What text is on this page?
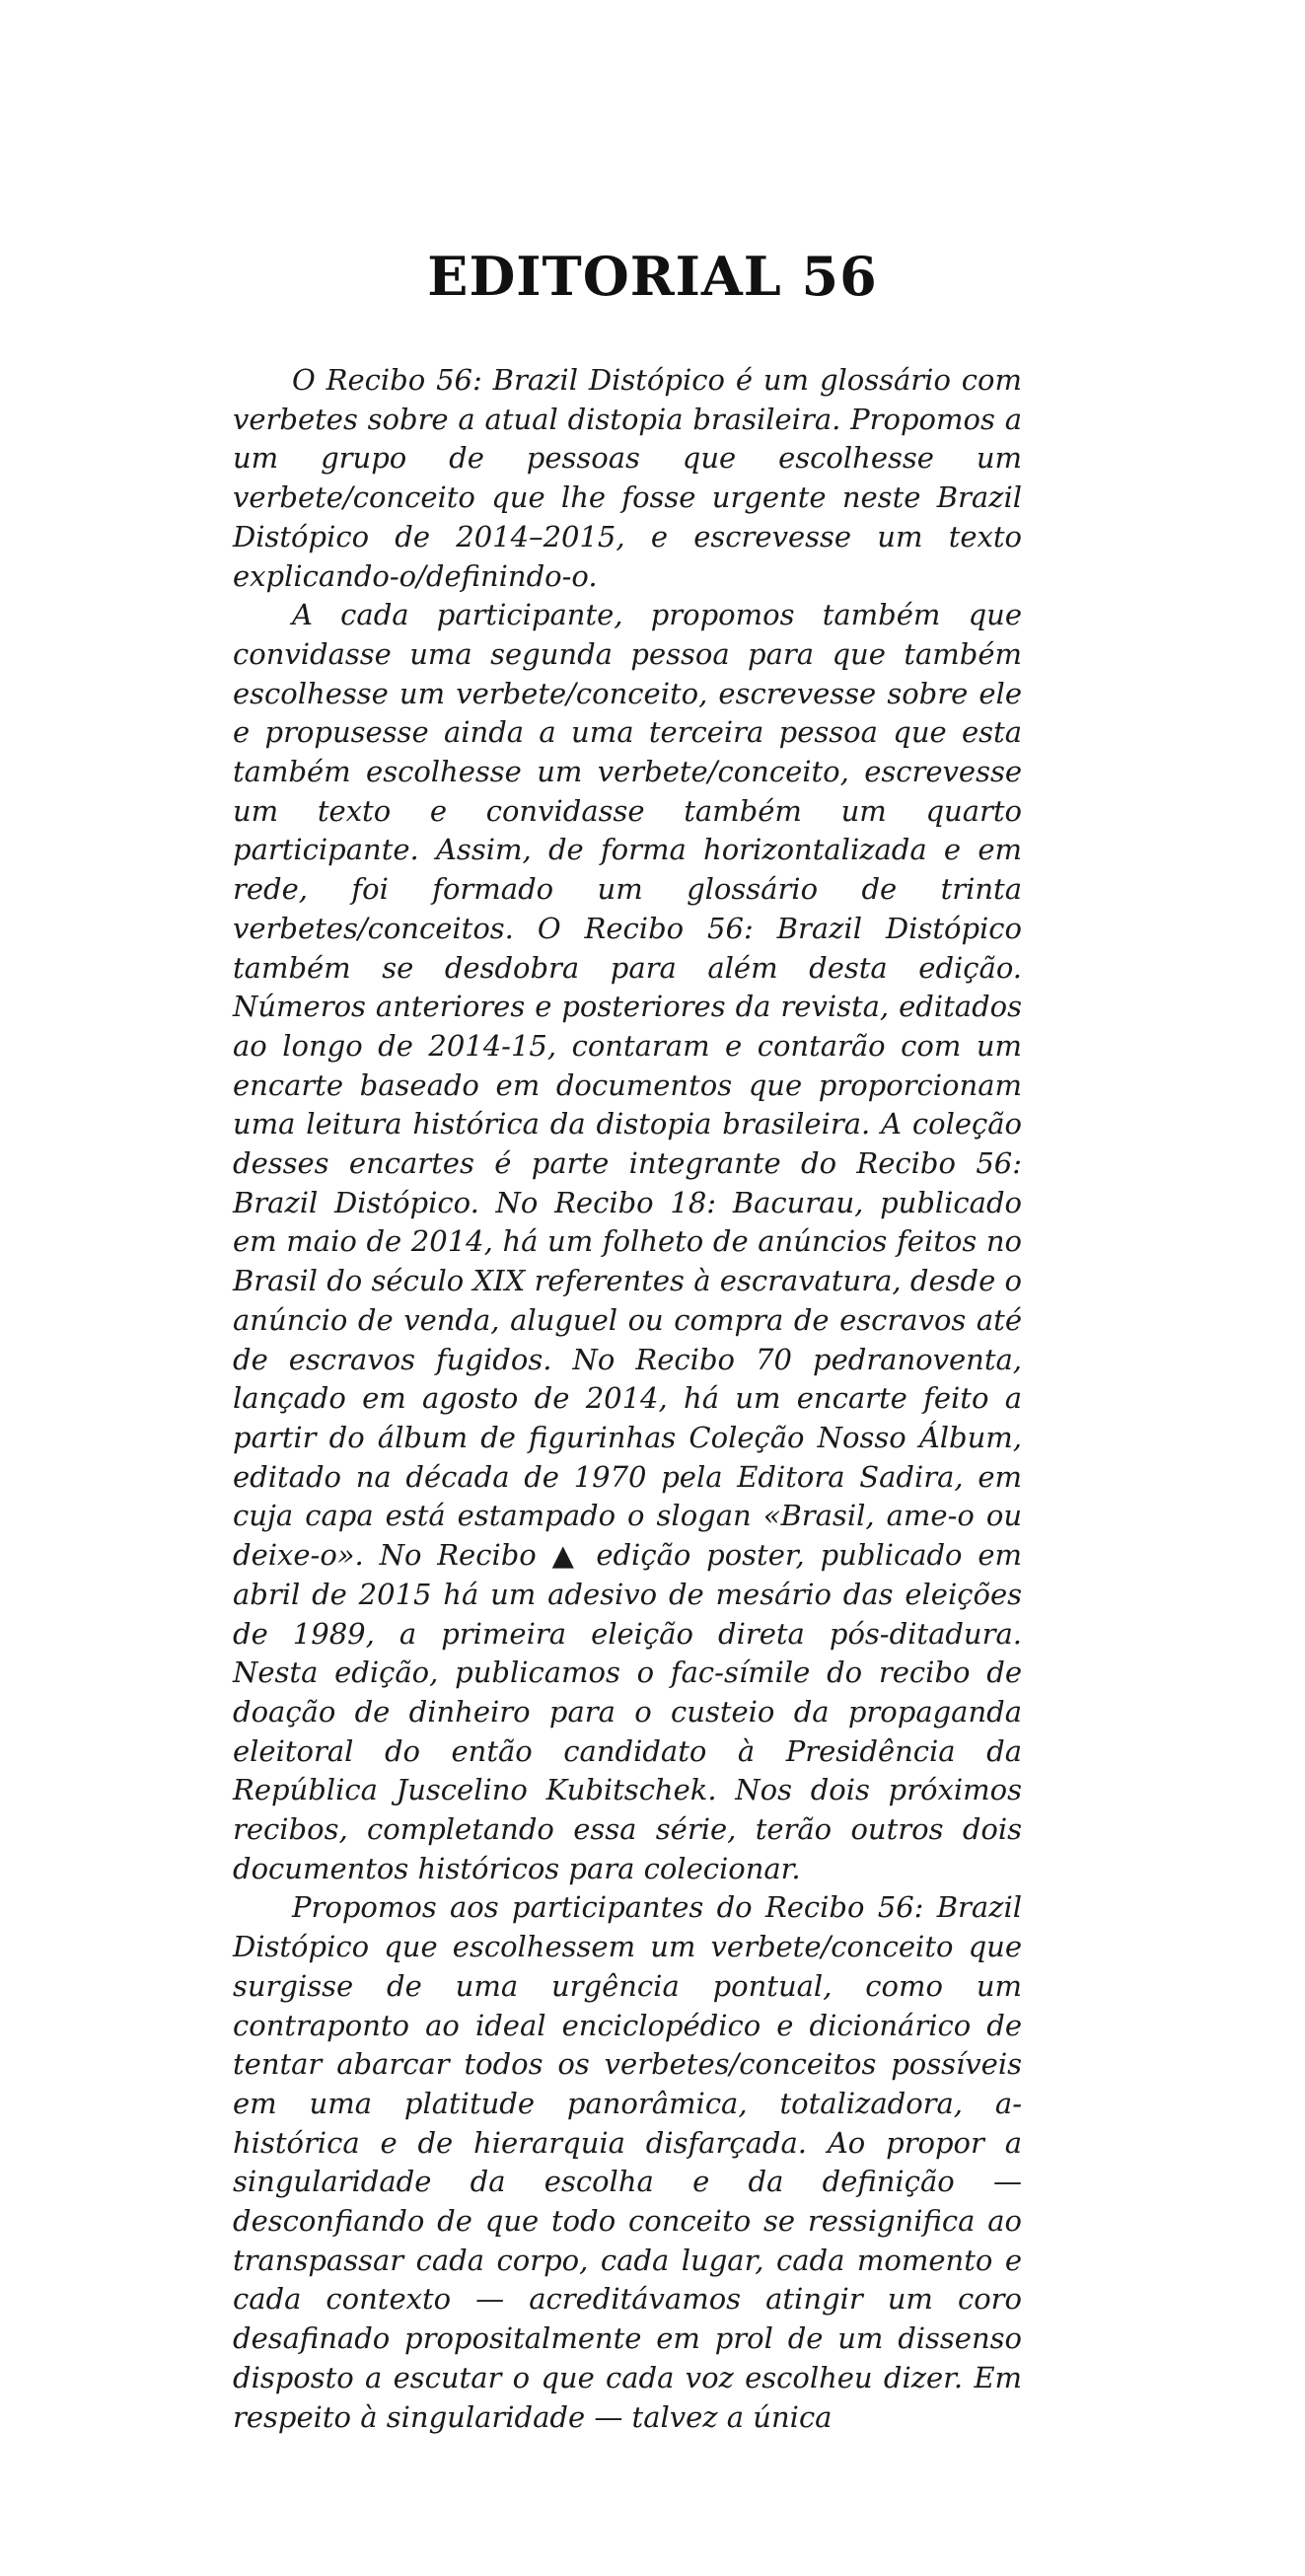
EDITORIAL 56

O Recibo 56: Brazil Distópico é um glossário com verbetes sobre a atual distopia brasileira. Propomos a um grupo de pessoas que escolhesse um verbete/conceito que lhe fosse urgente neste Brazil Distópico de 2014–2015, e escrevesse um texto explicando-o/definindo-o.

A cada participante, propomos também que convidasse uma segunda pessoa para que também escolhesse um verbete/conceito, escrevesse sobre ele e propusesse ainda a uma terceira pessoa que esta também escolhesse um verbete/conceito, escrevesse um texto e convidasse também um quarto participante. Assim, de forma horizontalizada e em rede, foi formado um glossário de trinta verbetes/conceitos. O Recibo 56: Brazil Distópico também se desdobra para além desta edição. Números anteriores e posteriores da revista, editados ao longo de 2014-15, contaram e contarão com um encarte baseado em documentos que proporcionam uma leitura histórica da distopia brasileira. A coleção desses encartes é parte integrante do Recibo 56: Brazil Distópico. No Recibo 18: Bacurau, publicado em maio de 2014, há um folheto de anúncios feitos no Brasil do século XIX referentes à escravatura, desde o anúncio de venda, aluguel ou compra de escravos até de escravos fugidos. No Recibo 70 pedranoventa, lançado em agosto de 2014, há um encarte feito a partir do álbum de figurinhas Coleção Nosso Álbum, editado na década de 1970 pela Editora Sadira, em cuja capa está estampado o slogan «Brasil, ame-o ou deixe-o». No Recibo ▲ edição poster, publicado em abril de 2015 há um adesivo de mesário das eleições de 1989, a primeira eleição direta pós-ditadura. Nesta edição, publicamos o fac-símile do recibo de doação de dinheiro para o custeio da propaganda eleitoral do então candidato à Presidência da República Juscelino Kubitschek. Nos dois próximos recibos, completando essa série, terão outros dois documentos históricos para colecionar.

Propomos aos participantes do Recibo 56: Brazil Distópico que escolhessem um verbete/conceito que surgisse de uma urgência pontual, como um contraponto ao ideal enciclopédico e dicionárico de tentar abarcar todos os verbetes/conceitos possíveis em uma platitude panorâmica, totalizadora, a-histórica e de hierarquia disfarçada. Ao propor a singularidade da escolha e da definição — desconfiando de que todo conceito se ressignifica ao transpassar cada corpo, cada lugar, cada momento e cada contexto — acreditávamos atingir um coro desafinado propositalmente em prol de um dissenso disposto a escutar o que cada voz escolheu dizer. Em respeito à singularidade — talvez a única
